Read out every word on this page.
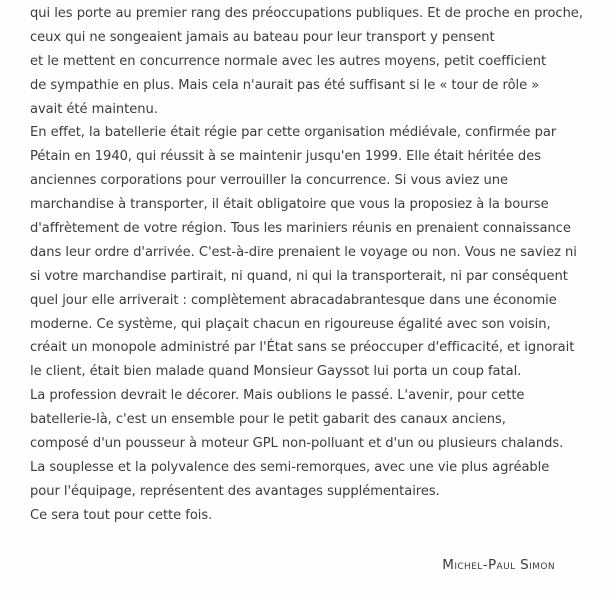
qui les porte au premier rang des préoccupations publiques. Et de proche en proche,
ceux qui ne songeaient jamais au bateau pour leur transport y pensent
et le mettent en concurrence normale avec les autres moyens, petit coefficient
de sympathie en plus. Mais cela n'aurait pas été suffisant si le « tour de rôle »
avait été maintenu.
En effet, la batellerie était régie par cette organisation médiévale, confirmée par
Pétain en 1940, qui réussit à se maintenir jusqu'en 1999. Elle était héritée des
anciennes corporations pour verrouiller la concurrence. Si vous aviez une
marchandise à transporter, il était obligatoire que vous la proposiez à la bourse
d'affrètement de votre région. Tous les mariniers réunis en prenaient connaissance
dans leur ordre d'arrivée. C'est-à-dire prenaient le voyage ou non. Vous ne saviez ni
si votre marchandise partirait, ni quand, ni qui la transporterait, ni par conséquent
quel jour elle arriverait : complètement abracadabrantesque dans une économie
moderne. Ce système, qui plaçait chacun en rigoureuse égalité avec son voisin,
créait un monopole administré par l'État sans se préoccuper d'efficacité, et ignorait
le client, était bien malade quand Monsieur Gayssot lui porta un coup fatal.
La profession devrait le décorer. Mais oublions le passé. L'avenir, pour cette
batellerie-là, c'est un ensemble pour le petit gabarit des canaux anciens,
composé d'un pousseur à moteur GPL non-polluant et d'un ou plusieurs chalands.
La souplesse et la polyvalence des semi-remorques, avec une vie plus agréable
pour l'équipage, représentent des avantages supplémentaires.
Ce sera tout pour cette fois.
Michel-Paul Simon
